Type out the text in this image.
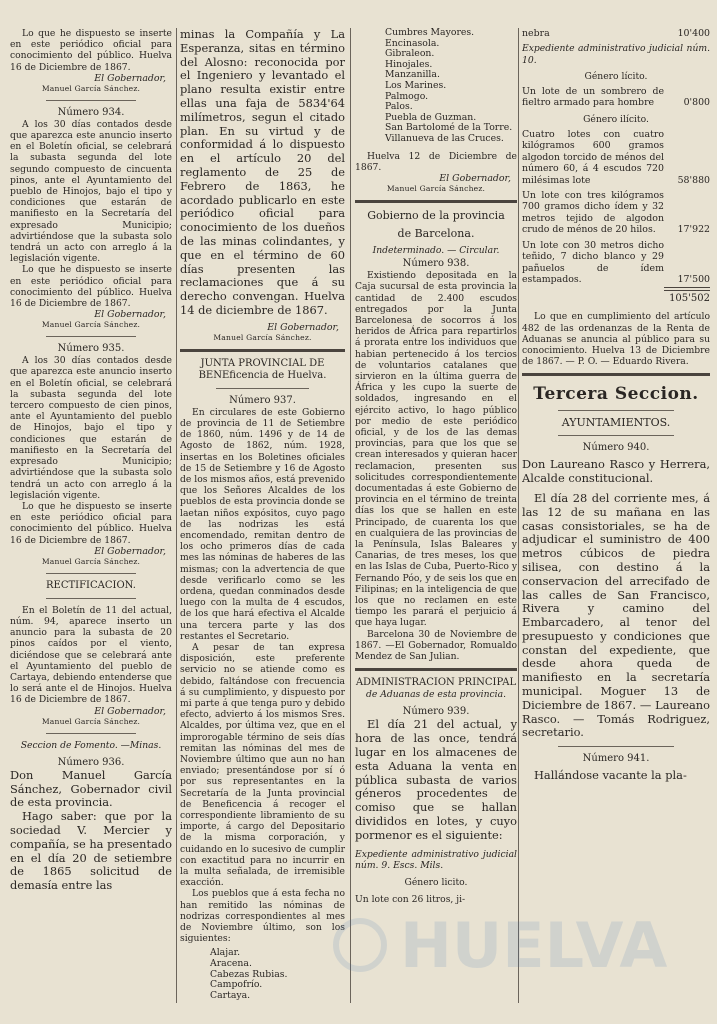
Lo que he dispuesto se inserte en este periódico oficial para conocimiento del público. Huelva 16 de Diciembre de 1867.

El Gobernador,

Manuel García Sánchez.

Número 934.

A los 30 días contados desde que aparezca este anuncio inserto en el Boletín oficial, se celebrará la subasta segunda del lote segundo compuesto de cincuenta pinos, ante el Ayuntamiento del pueblo de Hinojos, bajo el tipo y condiciones que estarán de manifiesto en la Secretaría del expresado Municipio; advirtiéndose que la subasta solo tendrá un acto con arreglo á la legislación vigente.

Lo que he dispuesto se inserte en este periódico oficial para conocimiento del público. Huelva 16 de Diciembre de 1867.

El Gobernador,

Manuel García Sánchez.

Número 935.

A los 30 días contados desde que aparezca este anuncio inserto en el Boletín oficial, se celebrará la subasta segunda del lote tercero compuesto de cien pinos, ante el Ayuntamiento del pueblo de Hinojos, bajo el tipo y condiciones que estarán de manifiesto en la Secretaría del expresado Municipio; advirtiéndose que la subasta solo tendrá un acto con arreglo á la legislación vigente.

Lo que he dispuesto se inserte en este periódico oficial para conocimiento del público. Huelva 16 de Diciembre de 1867.

El Gobernador,

Manuel García Sánchez.

RECTIFICACION.

En el Boletín de 11 del actual, núm. 94, aparece inserto un anuncio para la subasta de 20 pinos caídos por el viento, diciéndose que se celebrará ante el Ayuntamiento del pueblo de Cartaya, debiendo entenderse que lo será ante el de Hinojos. Huelva 16 de Diciembre de 1867.

El Gobernador,

Manuel García Sánchez.

Seccion de Fomento. —Minas.

Número 936.

Don Manuel García Sánchez, Gobernador civil de esta provincia.

Hago saber: que por la sociedad V. Mercier y compañía, se ha presentado en el día 20 de setiembre de 1865 solicitud de demasía entre las

minas la Compañía y La Esperanza, sitas en término del Alosno: reconocida por el Ingeniero y levantado el plano resulta existir entre ellas una faja de 5834'64 milímetros, segun el citado plan. En su virtud y de conformidad á lo dispuesto en el artículo 20 del reglamento de 25 de Febrero de 1863, he acordado publicarlo en este periódico oficial para conocimiento de los dueños de las minas colindantes, y que en el término de 60 días presenten las reclamaciones que á su derecho convengan. Huelva 14 de diciembre de 1867.

El Gobernador,

Manuel García Sánchez.

JUNTA PROVINCIAL DE BENEficencia de Huelva.

Número 937.

En circulares de este Gobierno de provincia de 11 de Setiembre de 1860, núm. 1496 y de 14 de Agosto de 1862, núm. 1928, insertas en los Boletines oficiales de 15 de Setiembre y 16 de Agosto de los mismos años, está prevenido que los Señores Alcaldes de los pueblos de esta provincia donde se laetan niños expósitos, cuyo pago de las nodrizas les está encomendado, remitan dentro de los ocho primeros días de cada mes las nóminas de haberes de las mismas; con la advertencia de que desde verificarlo como se les ordena, quedan conminados desde luego con la multa de 4 escudos, de los que hará efectiva el Alcalde una tercera parte y las dos restantes el Secretario.

A pesar de tan expresa disposición, este preferente servicio no se atiende como es debido, faltándose con frecuencia á su cumplimiento, y dispuesto por mi parte á que tenga puro y debido efecto, advierto á los mismos Sres. Alcaldes, por última vez, que en el improrogable término de seis días remitan las nóminas del mes de Noviembre último que aun no han enviado; presentándose por sí ó por sus representantes en la Secretaría de la Junta provincial de Beneficencia á recoger el correspondiente libramiento de su importe, á cargo del Depositario de la misma corporación, y cuidando en lo sucesivo de cumplir con exactitud para no incurrir en la multa señalada, de irremisible exacción.

Los pueblos que á esta fecha no han remitido las nóminas de nodrizas correspondientes al mes de Noviembre último, son los siguientes:

Alajar.
Aracena.
Cabezas Rubias.
Campofrío.
Cartaya.
Cumbres Mayores.
Encinasola.
Gibraleon.
Hinojales.
Manzanilla.
Los Marines.
Palmogo.
Palos.
Puebla de Guzman.
San Bartolomé de la Torre.
Villanueva de las Cruces.

Huelva 12 de Diciembre de 1867.

El Gobernador,

Manuel García Sánchez.

Gobierno de la provincia

de Barcelona.

Indeterminado. — Circular.

Número 938.

Existiendo depositada en la Caja sucursal de esta provincia la cantidad de 2.400 escudos entregados por la Junta Barcelonesa de socorros á los heridos de África para repartirlos á prorata entre los individuos que habian pertenecido á los tercios de voluntarios catalanes que sirvieron en la última guerra de África y les cupo la suerte de soldados, ingresando en el ejército activo, lo hago público por medio de este periódico oficial, y de los de las demas provincias, para que los que se crean interesados y quieran hacer reclamacion, presenten sus solicitudes correspondientemente documentadas á este Gobierno de provincia en el término de treinta días los que se hallen en este Principado, de cuarenta los que en cualquiera de las provincias de la Península, Islas Baleares y Canarias, de tres meses, los que en las Islas de Cuba, Puerto-Rico y Fernando Póo, y de seis los que en Filipinas; en la inteligencia de que los que no reclamen en este tiempo les parará el perjuicio á que haya lugar.

Barcelona 30 de Noviembre de 1867. —El Gobernador, Romualdo Mendez de San Julian.

ADMINISTRACION PRINCIPAL

de Aduanas de esta provincia.

Número 939.

El día 21 del actual, y hora de las once, tendrá lugar en los almacenes de esta Aduana la venta en pública subasta de varios géneros procedentes de comiso que se hallan divididos en lotes, y cuyo pormenor es el siguiente:

Expediente administrativo judicial núm. 9. Escs. Mils.

Género licito.

Un lote con 26 litros, ji-

nebra	10'400

Expediente administrativo judicial núm. 10.

Género lícito.

Un lote de un sombrero de fieltro armado para hombre	0'800

Género ilícito.

Cuatro lotes con cuatro kilógramos 600 gramos algodon torcido de ménos del número 60, á 4 escudos 720 milésimas lote	58'880
Un lote con tres kilógramos 700 gramos dicho ídem y 32 metros tejido de algodon crudo de ménos de 20 hilos.	17'922
Un lote con 30 metros dicho teñido, 7 dicho blanco y 29 pañuelos de ídem estampados.	17'500

105'502

Lo que en cumplimiento del artículo 482 de las ordenanzas de la Renta de Aduanas se anuncia al público para su conocimiento. Huelva 13 de Diciembre de 1867. — P. O. — Eduardo Rivera.

Tercera Seccion.

AYUNTAMIENTOS.

Número 940.

Don Laureano Rasco y Herrera, Alcalde constitucional.

El día 28 del corriente mes, á las 12 de su mañana en las casas consistoriales, se ha de adjudicar el suministro de 400 metros cúbicos de piedra silisea, con destino á la conservacion del arrecifado de las calles de San Francisco, Rivera y camino del Embarcadero, al tenor del presupuesto y condiciones que constan del expediente, que desde ahora queda de manifiesto en la secretaría municipal. Moguer 13 de Diciembre de 1867. — Laureano Rasco. — Tomás Rodriguez, secretario.

Número 941.

Hallándose vacante la pla-

HUELVA
